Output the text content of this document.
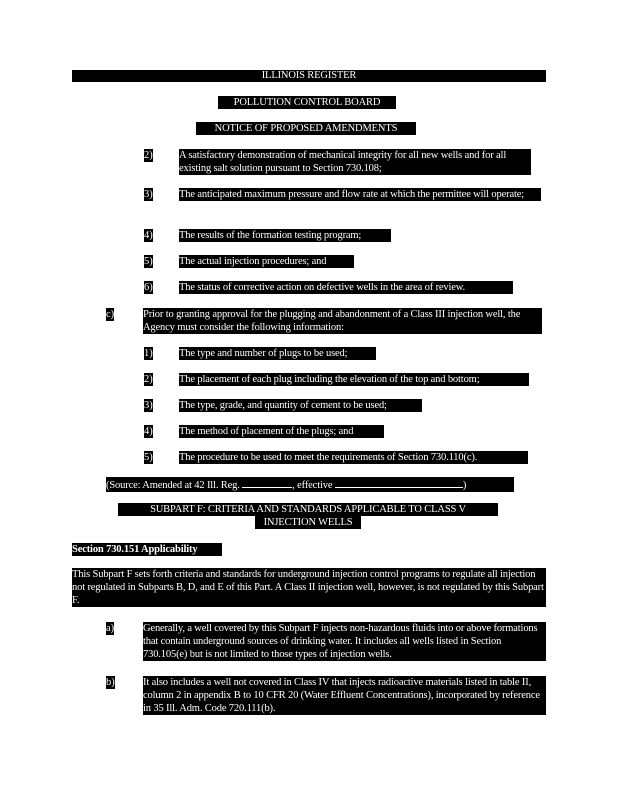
ILLINOIS REGISTER
POLLUTION CONTROL BOARD
NOTICE OF PROPOSED AMENDMENTS
2)	A satisfactory demonstration of mechanical integrity for all new wells and for all existing salt solution pursuant to Section 730.108;
3)	The anticipated maximum pressure and flow rate at which the permittee will operate;
4)	The results of the formation testing program;
5)	The actual injection procedures; and
6)	The status of corrective action on defective wells in the area of review.
c)	Prior to granting approval for the plugging and abandonment of a Class III injection well, the Agency must consider the following information:
1)	The type and number of plugs to be used;
2)	The placement of each plug including the elevation of the top and bottom;
3)	The type, grade, and quantity of cement to be used;
4)	The method of placement of the plugs; and
5)	The procedure to be used to meet the requirements of Section 730.110(c).
(Source: Amended at 42 Ill. Reg.	, effective	)
SUBPART F: CRITERIA AND STANDARDS APPLICABLE TO CLASS V
INJECTION WELLS
Section 730.151 Applicability
This Subpart F sets forth criteria and standards for underground injection control programs to regulate all injection not regulated in Subparts B, D, and E of this Part. A Class II injection well, however, is not regulated by this Subpart F.
a)	Generally, a well covered by this Subpart F injects non-hazardous fluids into or above formations that contain underground sources of drinking water. It includes all wells listed in Section 730.105(e) but is not limited to those types of injection wells.
b)	It also includes a well not covered in Class IV that injects radioactive materials listed in table II, column 2 in appendix B to 10 CFR 20 (Water Effluent Concentrations), incorporated by reference in 35 Ill. Adm. Code 720.111(b).
